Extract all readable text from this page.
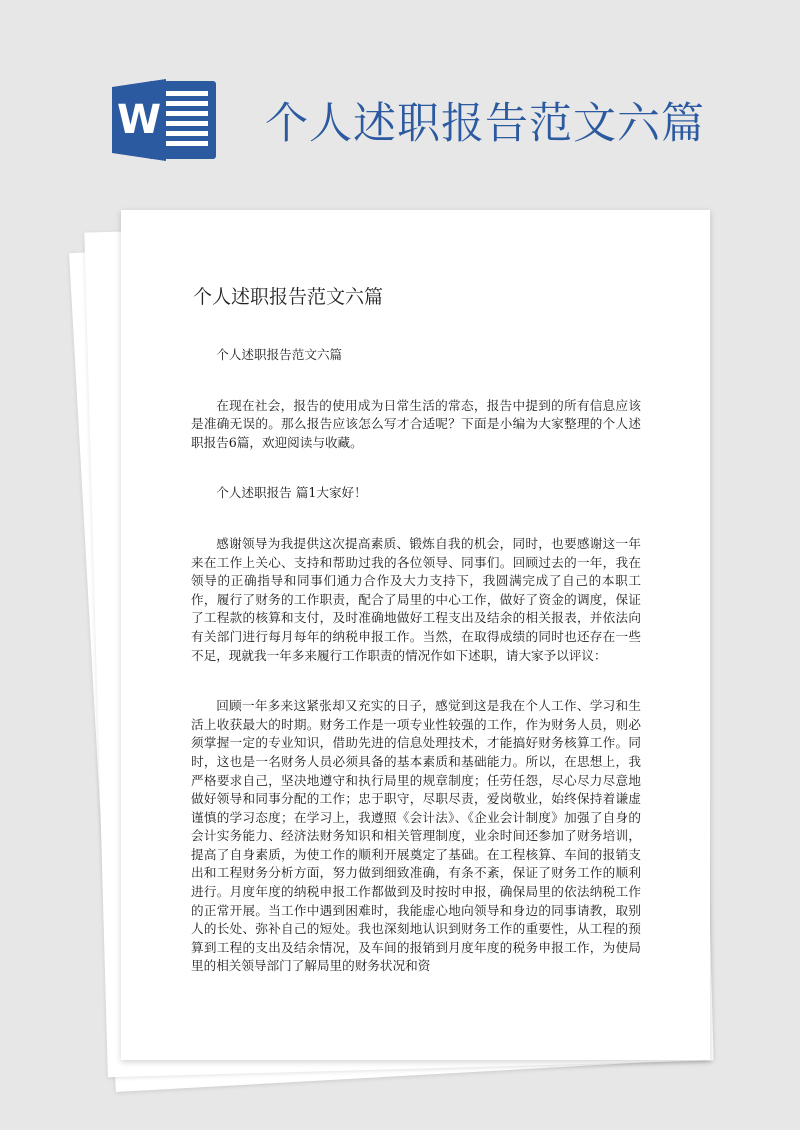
W 个人述职报告范文六篇
个人述职报告范文六篇

个人述职报告范文六篇

在现在社会，报告的使用成为日常生活的常态，报告中提到的所有信息应该是准确无误的。那么报告应该怎么写才合适呢？下面是小编为大家整理的个人述职报告6篇，欢迎阅读与收藏。

个人述职报告 篇1大家好！

感谢领导为我提供这次提高素质、锻炼自我的机会，同时，也要感谢这一年来在工作上关心、支持和帮助过我的各位领导、同事们。回顾过去的一年，我在领导的正确指导和同事们通力合作及大力支持下，我圆满完成了自己的本职工作，履行了财务的工作职责，配合了局里的中心工作，做好了资金的调度，保证了工程款的核算和支付，及时准确地做好工程支出及结余的相关报表，并依法向有关部门进行每月每年的纳税申报工作。当然，在取得成绩的同时也还存在一些不足，现就我一年多来履行工作职责的情况作如下述职，请大家予以评议：

回顾一年多来这紧张却又充实的日子，感觉到这是我在个人工作、学习和生活上收获最大的时期。财务工作是一项专业性较强的工作，作为财务人员，则必须掌握一定的专业知识，借助先进的信息处理技术，才能搞好财务核算工作。同时，这也是一名财务人员必须具备的基本素质和基础能力。所以，在思想上，我严格要求自己，坚决地遵守和执行局里的规章制度；任劳任怨，尽心尽力尽意地做好领导和同事分配的工作；忠于职守，尽职尽责，爱岗敬业，始终保持着谦虚谨慎的学习态度；在学习上，我遵照《会计法》、《企业会计制度》加强了自身的会计实务能力、经济法财务知识和相关管理制度，业余时间还参加了财务培训，提高了自身素质，为使工作的顺利开展奠定了基础。在工程核算、车间的报销支出和工程财务分析方面，努力做到细致准确，有条不紊，保证了财务工作的顺利进行。月度年度的纳税申报工作都做到及时按时申报，确保局里的依法纳税工作的正常开展。当工作中遇到困难时，我能虚心地向领导和身边的同事请教，取别人的长处、弥补自己的短处。我也深刻地认识到财务工作的重要性，从工程的预算到工程的支出及结余情况，及车间的报销到月度年度的税务申报工作，为使局里的相关领导部门了解局里的财务状况和资
